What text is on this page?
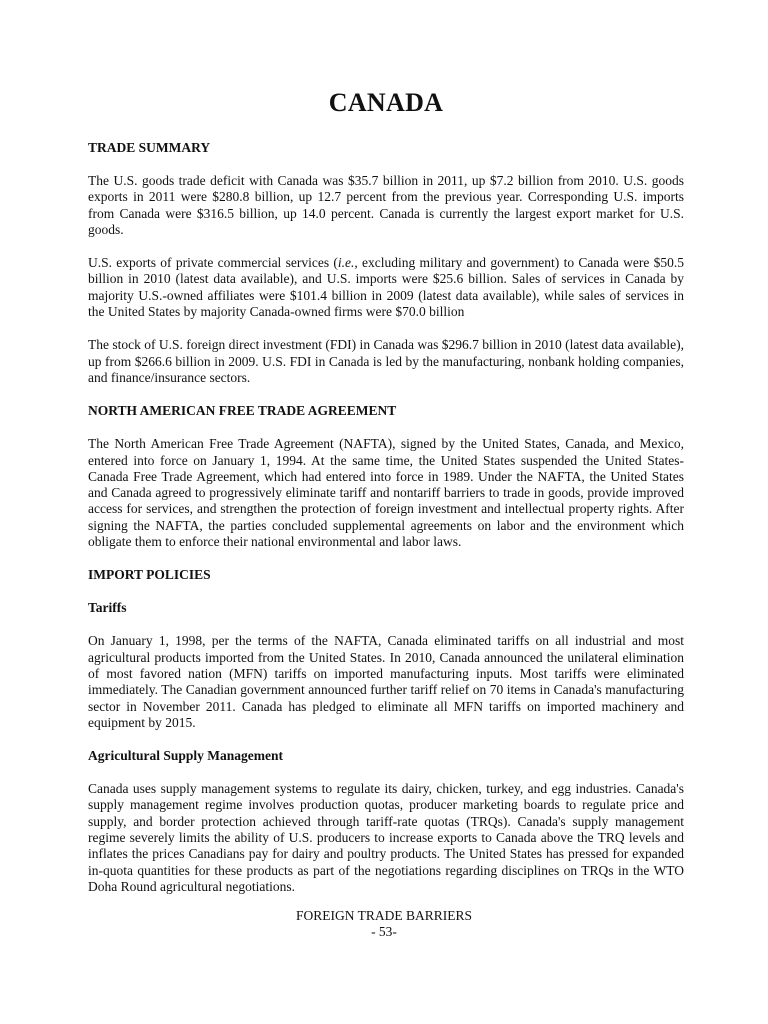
CANADA
TRADE SUMMARY

The U.S. goods trade deficit with Canada was $35.7 billion in 2011, up $7.2 billion from 2010. U.S. goods exports in 2011 were $280.8 billion, up 12.7 percent from the previous year. Corresponding U.S. imports from Canada were $316.5 billion, up 14.0 percent. Canada is currently the largest export market for U.S. goods.

U.S. exports of private commercial services (i.e., excluding military and government) to Canada were $50.5 billion in 2010 (latest data available), and U.S. imports were $25.6 billion. Sales of services in Canada by majority U.S.-owned affiliates were $101.4 billion in 2009 (latest data available), while sales of services in the United States by majority Canada-owned firms were $70.0 billion

The stock of U.S. foreign direct investment (FDI) in Canada was $296.7 billion in 2010 (latest data available), up from $266.6 billion in 2009. U.S. FDI in Canada is led by the manufacturing, nonbank holding companies, and finance/insurance sectors.

NORTH AMERICAN FREE TRADE AGREEMENT

The North American Free Trade Agreement (NAFTA), signed by the United States, Canada, and Mexico, entered into force on January 1, 1994. At the same time, the United States suspended the United States-Canada Free Trade Agreement, which had entered into force in 1989. Under the NAFTA, the United States and Canada agreed to progressively eliminate tariff and nontariff barriers to trade in goods, provide improved access for services, and strengthen the protection of foreign investment and intellectual property rights. After signing the NAFTA, the parties concluded supplemental agreements on labor and the environment which obligate them to enforce their national environmental and labor laws.

IMPORT POLICIES
Tariffs

On January 1, 1998, per the terms of the NAFTA, Canada eliminated tariffs on all industrial and most agricultural products imported from the United States. In 2010, Canada announced the unilateral elimination of most favored nation (MFN) tariffs on imported manufacturing inputs. Most tariffs were eliminated immediately. The Canadian government announced further tariff relief on 70 items in Canada's manufacturing sector in November 2011. Canada has pledged to eliminate all MFN tariffs on imported machinery and equipment by 2015.

Agricultural Supply Management

Canada uses supply management systems to regulate its dairy, chicken, turkey, and egg industries. Canada's supply management regime involves production quotas, producer marketing boards to regulate price and supply, and border protection achieved through tariff-rate quotas (TRQs). Canada's supply management regime severely limits the ability of U.S. producers to increase exports to Canada above the TRQ levels and inflates the prices Canadians pay for dairy and poultry products. The United States has pressed for expanded in-quota quantities for these products as part of the negotiations regarding disciplines on TRQs in the WTO Doha Round agricultural negotiations.

FOREIGN TRADE BARRIERS
- 53-
